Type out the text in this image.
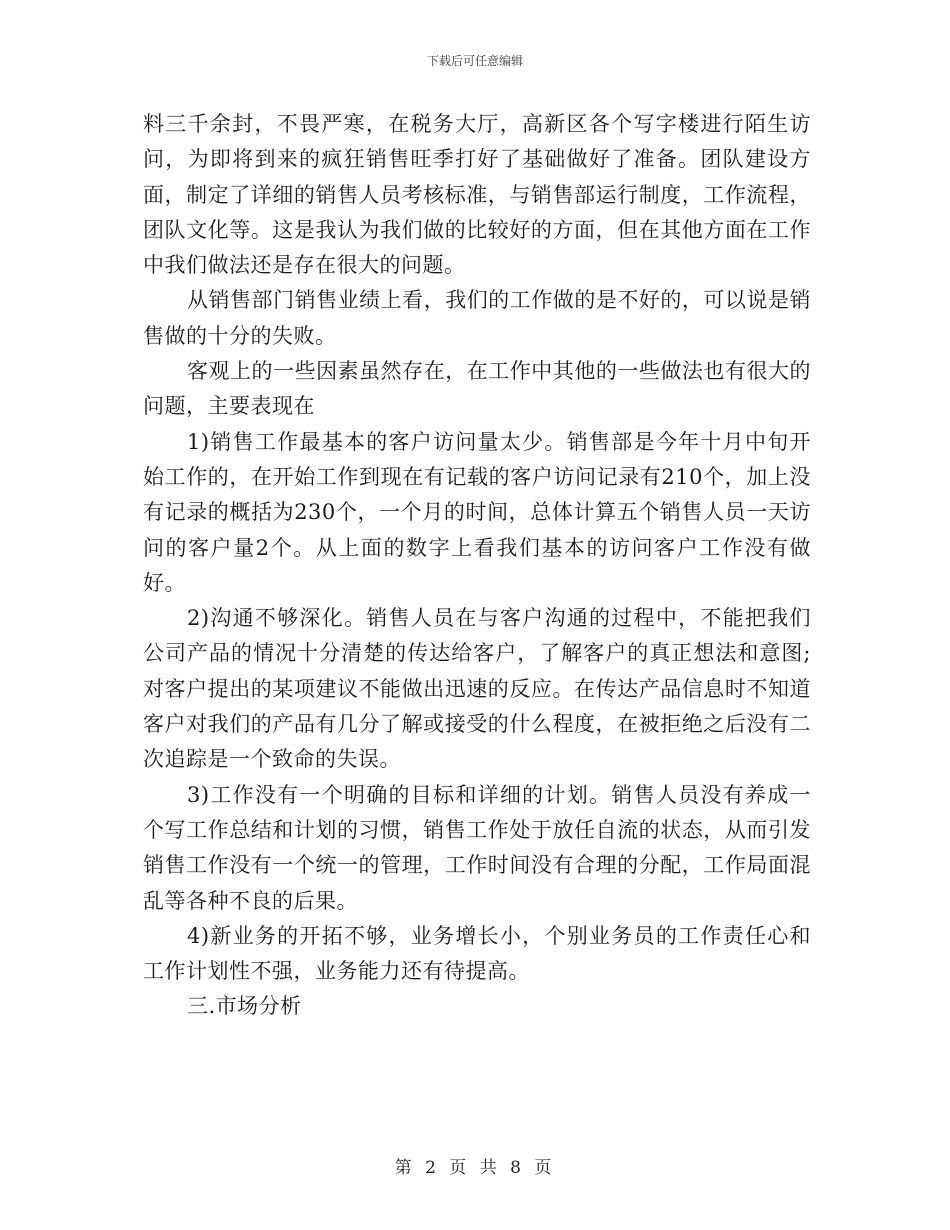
下载后可任意编辑

料三千余封，不畏严寒，在税务大厅，高新区各个写字楼进行陌生访问，为即将到来的疯狂销售旺季打好了基础做好了准备。团队建设方面，制定了详细的销售人员考核标准，与销售部运行制度，工作流程，团队文化等。这是我认为我们做的比较好的方面，但在其他方面在工作中我们做法还是存在很大的问题。

从销售部门销售业绩上看，我们的工作做的是不好的，可以说是销售做的十分的失败。

客观上的一些因素虽然存在，在工作中其他的一些做法也有很大的问题，主要表现在

1)销售工作最基本的客户访问量太少。销售部是今年十月中旬开始工作的，在开始工作到现在有记载的客户访问记录有210个，加上没有记录的概括为230个，一个月的时间，总体计算五个销售人员一天访问的客户量2个。从上面的数字上看我们基本的访问客户工作没有做好。

2)沟通不够深化。销售人员在与客户沟通的过程中，不能把我们公司产品的情况十分清楚的传达给客户，了解客户的真正想法和意图;对客户提出的某项建议不能做出迅速的反应。在传达产品信息时不知道客户对我们的产品有几分了解或接受的什么程度，在被拒绝之后没有二次追踪是一个致命的失误。

3)工作没有一个明确的目标和详细的计划。销售人员没有养成一个写工作总结和计划的习惯，销售工作处于放任自流的状态，从而引发销售工作没有一个统一的管理，工作时间没有合理的分配，工作局面混乱等各种不良的后果。

4)新业务的开拓不够，业务增长小，个别业务员的工作责任心和工作计划性不强，业务能力还有待提高。

三.市场分析

第 2 页 共 8 页
